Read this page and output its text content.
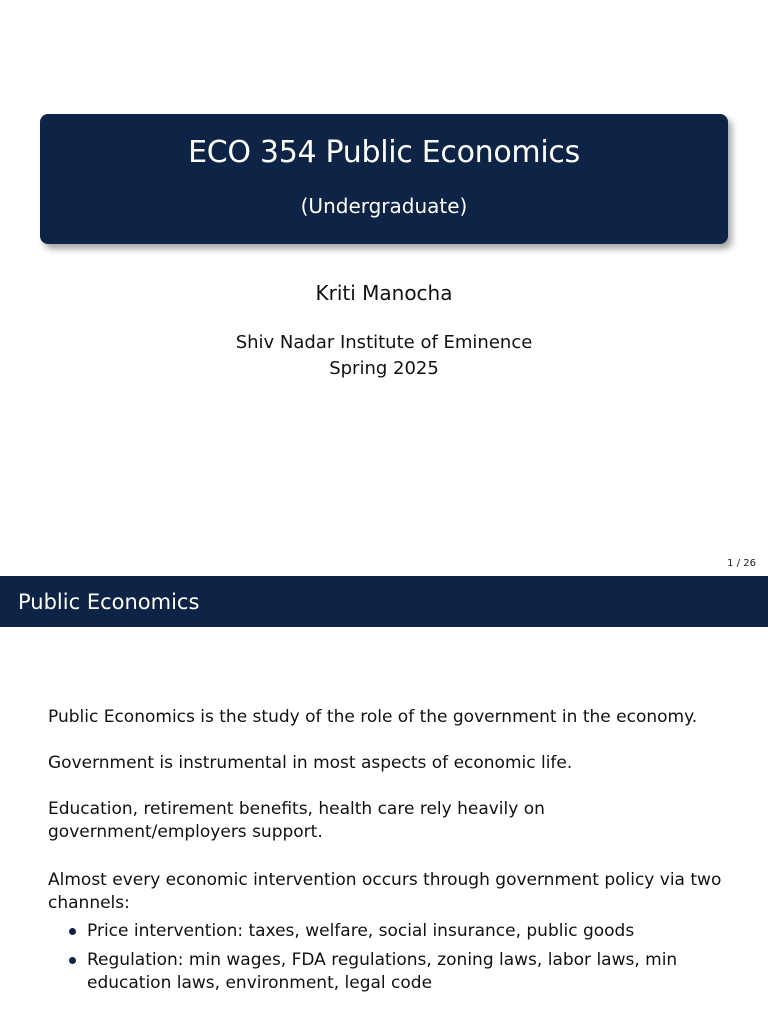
ECO 354 Public Economics
(Undergraduate)
Kriti Manocha
Shiv Nadar Institute of Eminence
Spring 2025
1 / 26
Public Economics
Public Economics is the study of the role of the government in the economy.
Government is instrumental in most aspects of economic life.
Education, retirement benefits, health care rely heavily on government/employers support.
Almost every economic intervention occurs through government policy via two channels:
Price intervention: taxes, welfare, social insurance, public goods
Regulation: min wages, FDA regulations, zoning laws, labor laws, min education laws, environment, legal code
